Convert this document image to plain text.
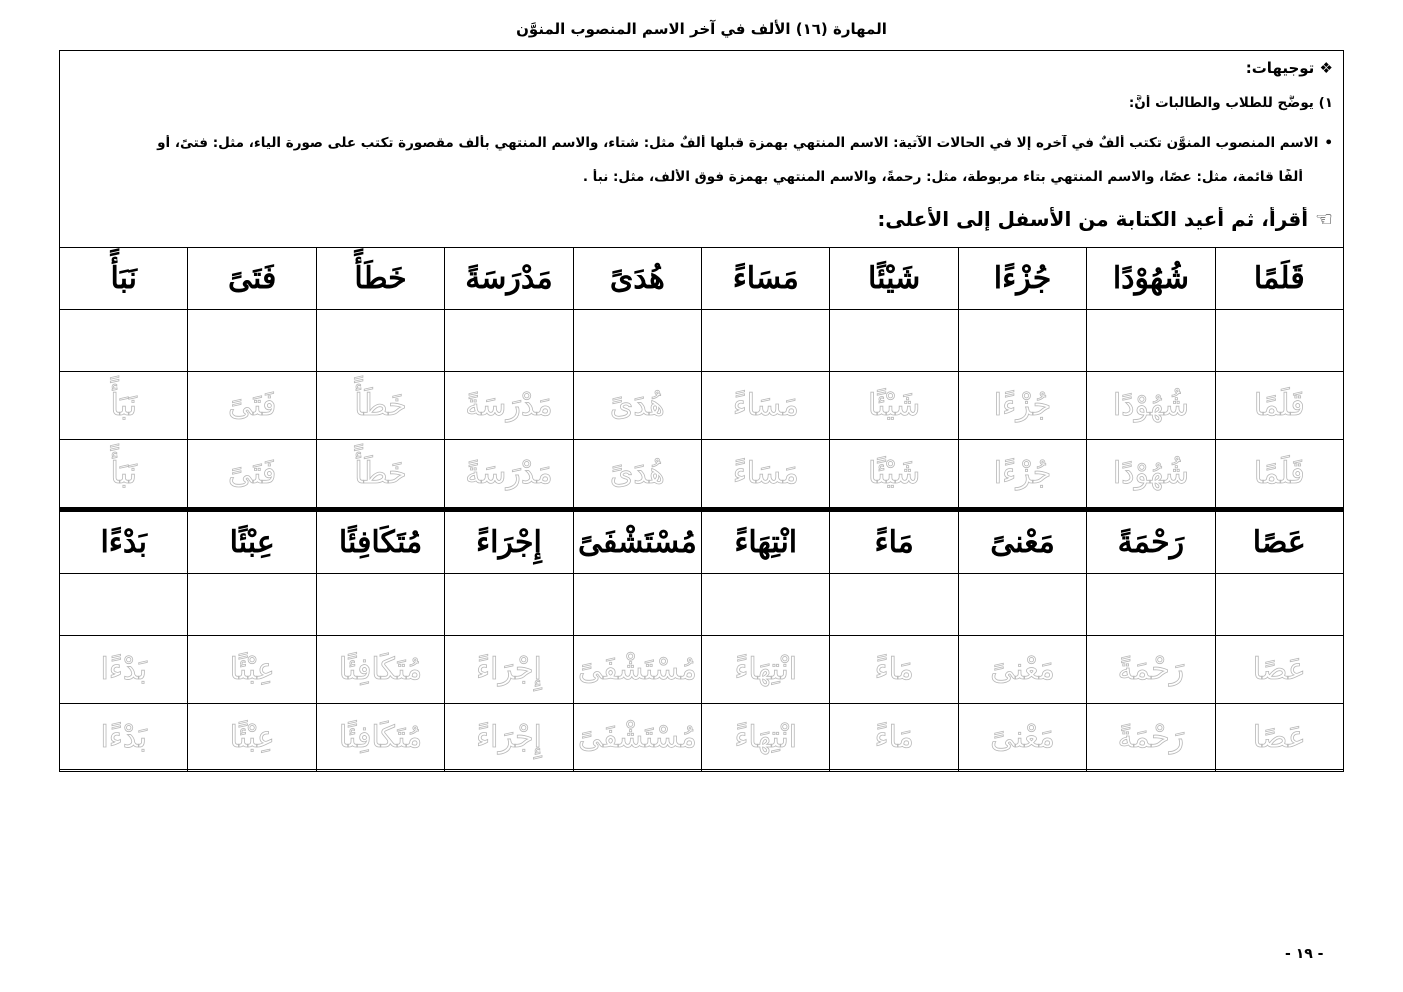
المهارة (١٦) الألف في آخر الاسم المنصوب المنوَّن
❖ توجيهات:
١) يوضَّح للطلاب والطالبات أنَّ:
•الاسم المنصوب المنوَّن تكتب ألفٌ في آخره إلا في الحالات الآتية: الاسم المنتهي بهمزة قبلها ألفٌ مثل: شتاء، والاسم المنتهي بألف مقصورة تكتب على صورة الياء، مثل: فتىً، أو
ألفًا قائمة، مثل: عصًا، والاسم المنتهي بتاء مربوطة، مثل: رحمةً، والاسم المنتهي بهمزة فوق الألف، مثل: نبأً .
☜ أقرأ، ثم أعيد الكتابة من الأسفل إلى الأعلى:
قَلَمًا	شُهُوْدًا	جُزْءًا	شَيْئًا	مَسَاءً	هُدَىً	مَدْرَسَةً	خَطَأً	فَتَىً	نَبَأً

قَلَمًا	شُهُوْدًا	جُزْءًا	شَيْئًا	مَسَاءً	هُدَىً	مَدْرَسَةً	خَطَأً	فَتَىً	نَبَأً
قَلَمًا	شُهُوْدًا	جُزْءًا	شَيْئًا	مَسَاءً	هُدَىً	مَدْرَسَةً	خَطَأً	فَتَىً	نَبَأً
عَصًا	رَحْمَةً	مَعْنىً	مَاءً	انْتِهَاءً	مُسْتَشْفَىً	إِجْرَاءً	مُتَكَافِئًا	عِبْئًا	بَدْءًا

عَصًا	رَحْمَةً	مَعْنىً	مَاءً	انْتِهَاءً	مُسْتَشْفَىً	إِجْرَاءً	مُتَكَافِئًا	عِبْئًا	بَدْءًا
عَصًا	رَحْمَةً	مَعْنىً	مَاءً	انْتِهَاءً	مُسْتَشْفَىً	إِجْرَاءً	مُتَكَافِئًا	عِبْئًا	بَدْءًا
- ١٩ -
